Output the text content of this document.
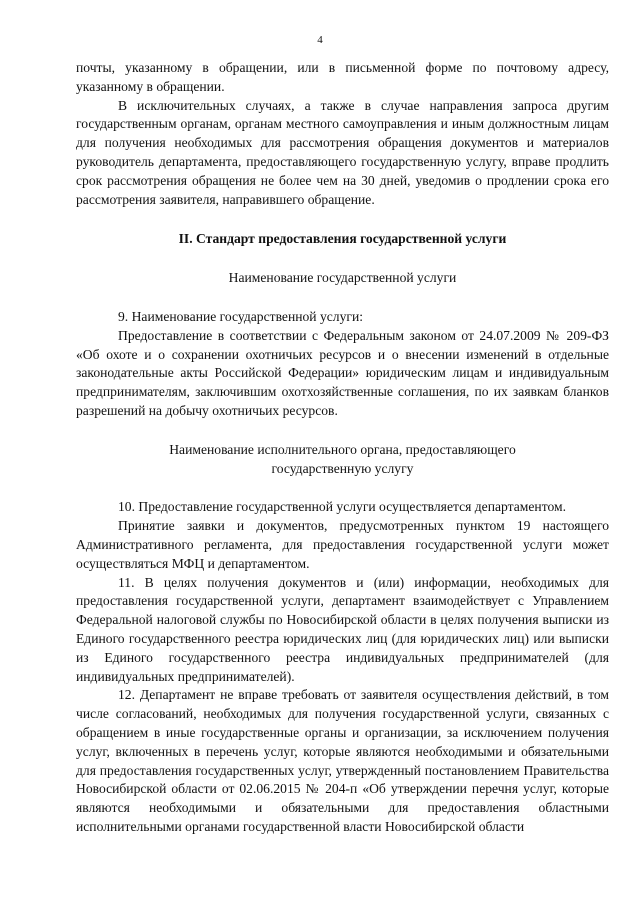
4

почты, указанному в обращении, или в письменной форме по почтовому адресу, указанному в обращении.

В исключительных случаях, а также в случае направления запроса другим государственным органам, органам местного самоуправления и иным должностным лицам для получения необходимых для рассмотрения обращения документов и материалов руководитель департамента, предоставляющего государственную услугу, вправе продлить срок рассмотрения обращения не более чем на 30 дней, уведомив о продлении срока его рассмотрения заявителя, направившего обращение.

II. Стандарт предоставления государственной услуги

Наименование государственной услуги

9. Наименование государственной услуги:

Предоставление в соответствии с Федеральным законом от 24.07.2009 № 209-ФЗ «Об охоте и о сохранении охотничьих ресурсов и о внесении изменений в отдельные законодательные акты Российской Федерации» юридическим лицам и индивидуальным предпринимателям, заключившим охотхозяйственные соглашения, по их заявкам бланков разрешений на добычу охотничьих ресурсов.

Наименование исполнительного органа, предоставляющего
государственную услугу

10. Предоставление государственной услуги осуществляется департаментом.

Принятие заявки и документов, предусмотренных пунктом 19 настоящего Административного регламента, для предоставления государственной услуги может осуществляться МФЦ и департаментом.

11. В целях получения документов и (или) информации, необходимых для предоставления государственной услуги, департамент взаимодействует с Управлением Федеральной налоговой службы по Новосибирской области в целях получения выписки из Единого государственного реестра юридических лиц (для юридических лиц) или выписки из Единого государственного реестра индивидуальных предпринимателей (для индивидуальных предпринимателей).

12. Департамент не вправе требовать от заявителя осуществления действий, в том числе согласований, необходимых для получения государственной услуги, связанных с обращением в иные государственные органы и организации, за исключением получения услуг, включенных в перечень услуг, которые являются необходимыми и обязательными для предоставления государственных услуг, утвержденный постановлением Правительства Новосибирской области от 02.06.2015 № 204-п «Об утверждении перечня услуг, которые являются необходимыми и обязательными для предоставления областными исполнительными органами государственной власти Новосибирской области
